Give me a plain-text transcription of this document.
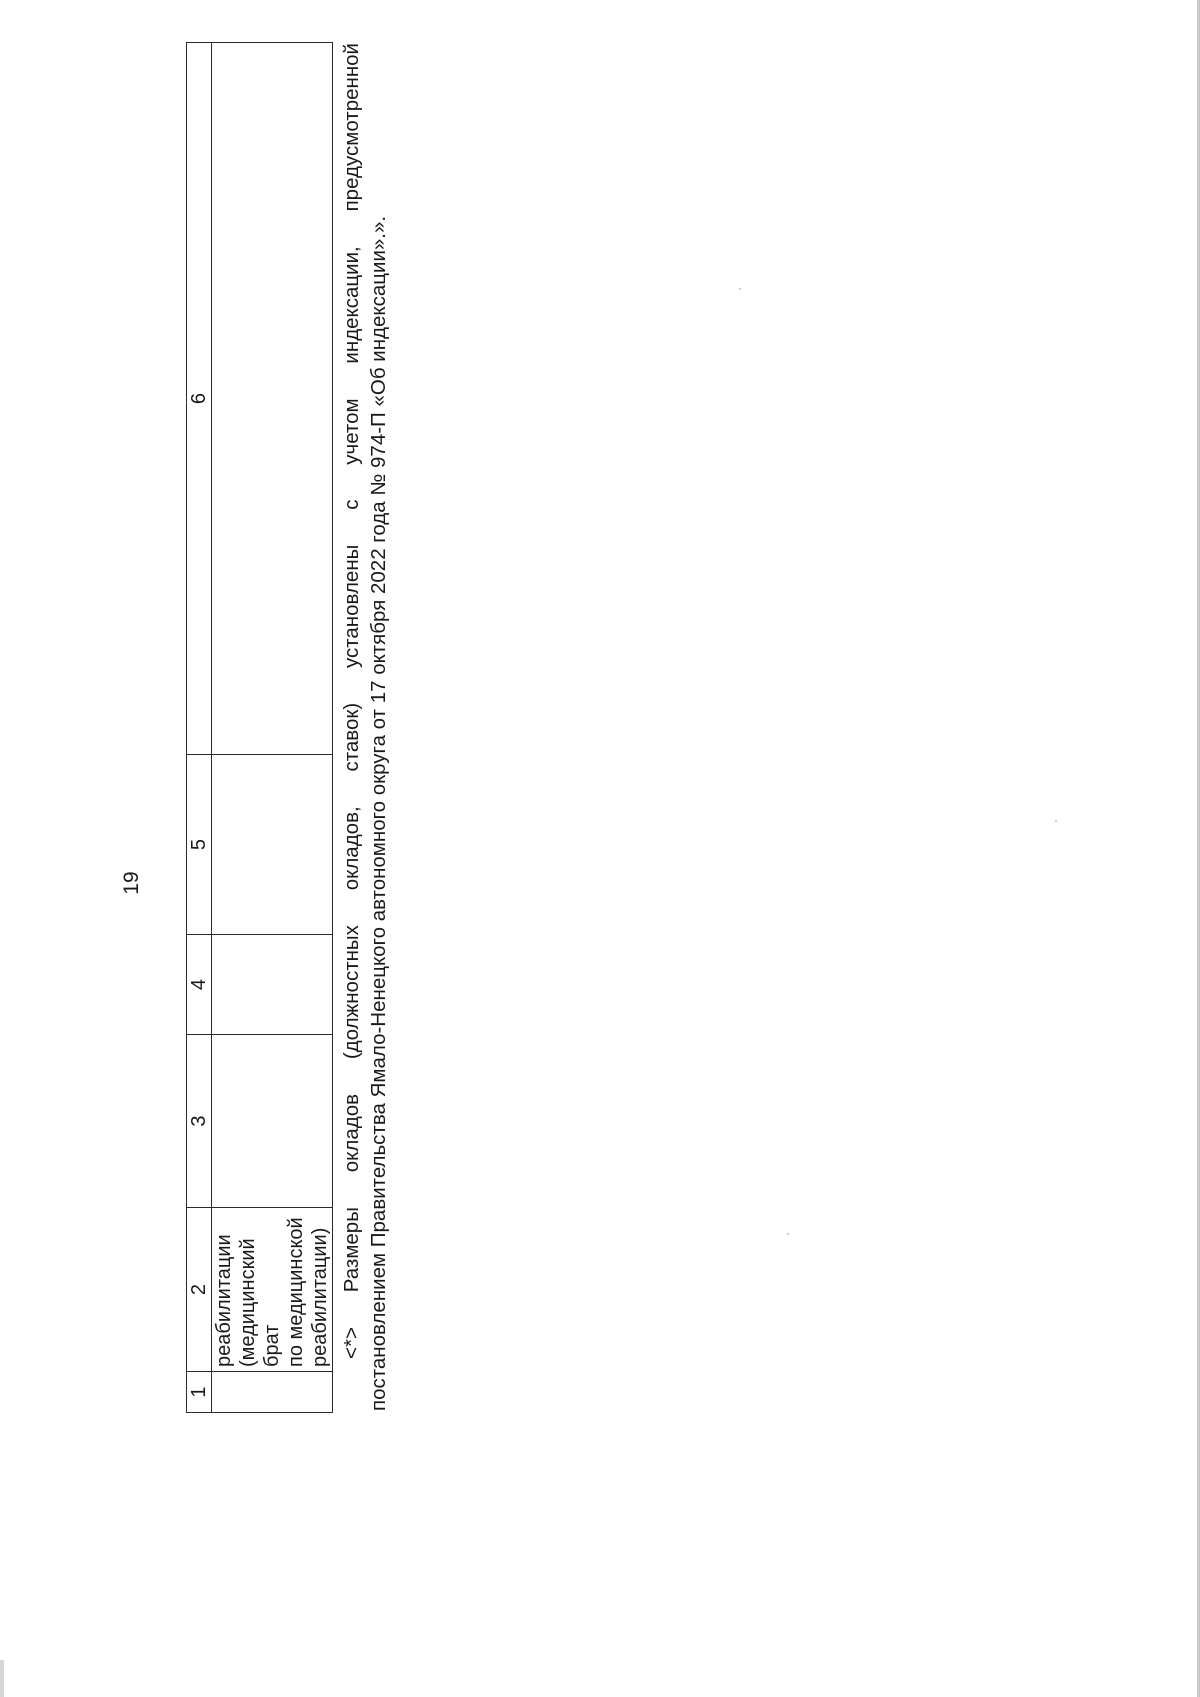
19
1	2	3	4	5	6

	реабилитации
(медицинский брат
по медицинской
реабилитации)				

	<*> Размеры окладов (должностных окладов, ставок) установлены с учетом индексации, предусмотренной постановлением Правительства Ямало-Ненецкого автономного округа от 17 октября 2022 года № 974-П «Об индексации».».
